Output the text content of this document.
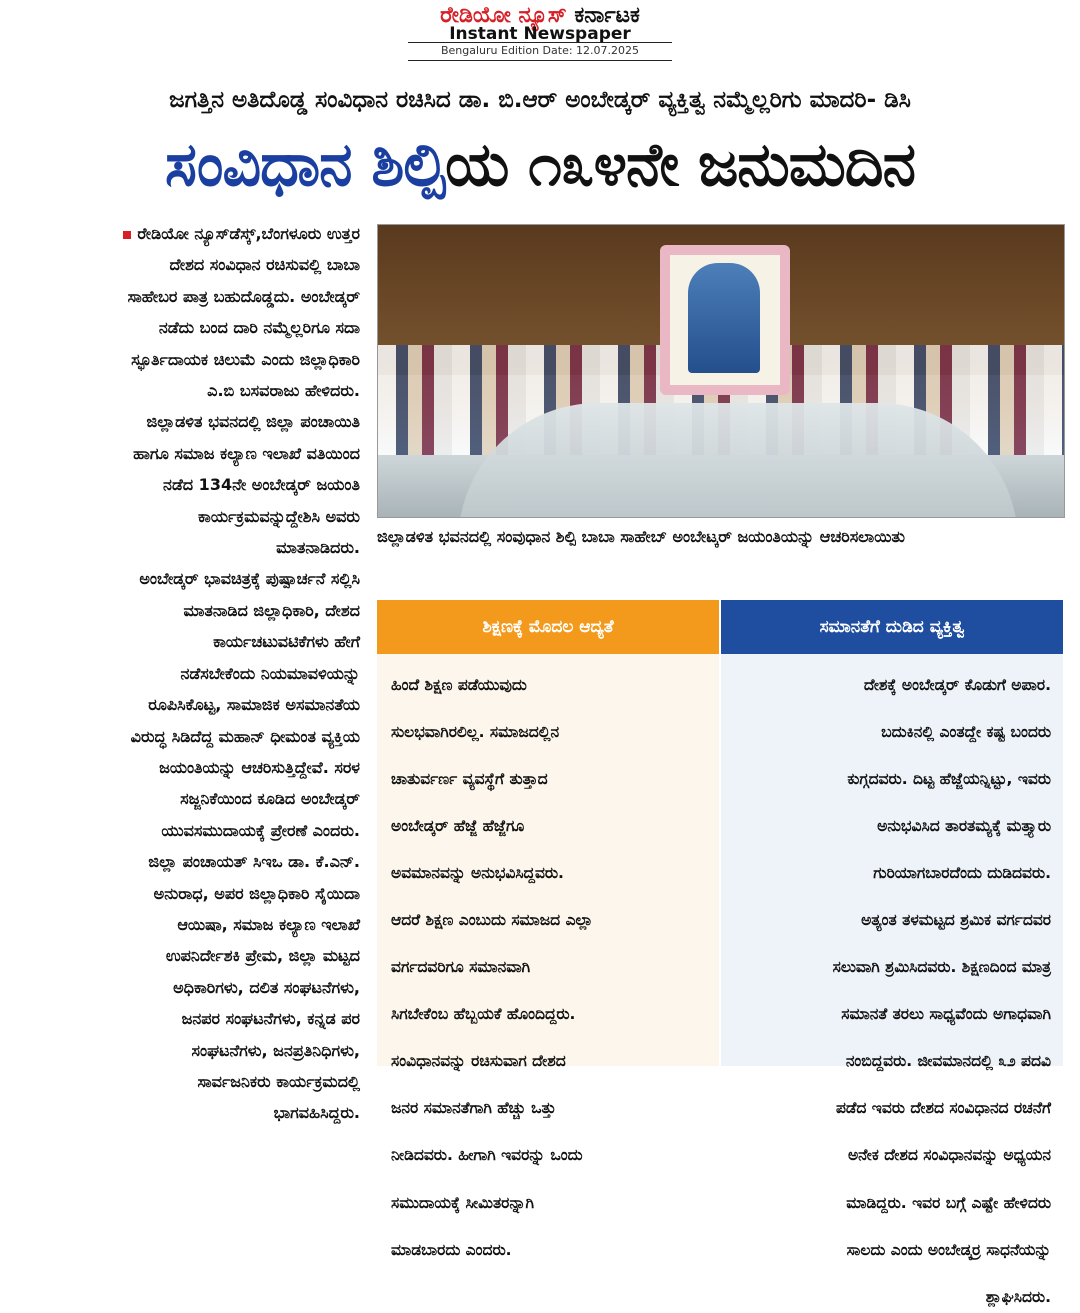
ರೇಡಿಯೋ ನ್ಯೂಸ್ ಕರ್ನಾಟಕ
Instant Newspaper
Bengaluru Edition Date: 12.07.2025
ಜಗತ್ತಿನ ಅತಿದೊಡ್ಡ ಸಂವಿಧಾನ ರಚಿಸಿದ ಡಾ. ಬಿ.ಆರ್ ಅಂಬೇಡ್ಕರ್ ವ್ಯಕ್ತಿತ್ವ ನಮ್ಮೆಲ್ಲರಿಗು ಮಾದರಿ- ಡಿಸಿ
ಸಂವಿಧಾನ ಶಿಲ್ಪಿಯ ೧೩೪ನೇ ಜನುಮದಿನ

ರೇಡಿಯೋ ನ್ಯೂಸ್‌ಡೆಸ್ಕ್,ಬೆಂಗಳೂರು ಉತ್ತರ

ದೇಶದ ಸಂವಿಧಾನ ರಚಿಸುವಲ್ಲಿ ಬಾಬಾ

ಸಾಹೇಬರ ಪಾತ್ರ ಬಹುದೊಡ್ಡದು. ಅಂಬೇಡ್ಕರ್

ನಡೆದು ಬಂದ ದಾರಿ ನಮ್ಮೆಲ್ಲರಿಗೂ ಸದಾ

ಸ್ಫೂರ್ತಿದಾಯಕ ಚಿಲುಮೆ ಎಂದು ಜಿಲ್ಲಾಧಿಕಾರಿ

ಎ.ಬಿ ಬಸವರಾಜು ಹೇಳಿದರು.

ಜಿಲ್ಲಾಡಳಿತ ಭವನದಲ್ಲಿ ಜಿಲ್ಲಾ ಪಂಚಾಯಿತಿ

ಹಾಗೂ ಸಮಾಜ ಕಲ್ಯಾಣ ಇಲಾಖೆ ವತಿಯಿಂದ

ನಡೆದ 134ನೇ ಅಂಬೇಡ್ಕರ್ ಜಯಂತಿ

ಕಾರ್ಯಕ್ರಮವನ್ನುದ್ದೇಶಿಸಿ ಅವರು

ಮಾತನಾಡಿದರು.

ಅಂಬೇಡ್ಕರ್ ಭಾವಚಿತ್ರಕ್ಕೆ ಪುಷ್ಪಾರ್ಚನೆ ಸಲ್ಲಿಸಿ

ಮಾತನಾಡಿದ ಜಿಲ್ಲಾಧಿಕಾರಿ, ದೇಶದ

ಕಾರ್ಯಚಟುವಟಿಕೆಗಳು ಹೇಗೆ

ನಡೆಸಬೇಕೆಂದು ನಿಯಮಾವಳಿಯನ್ನು

ರೂಪಿಸಿಕೊಟ್ಟ, ಸಾಮಾಜಿಕ ಅಸಮಾನತೆಯ

ವಿರುದ್ಧ ಸಿಡಿದೆದ್ದ ಮಹಾನ್ ಧೀಮಂತ ವ್ಯಕ್ತಿಯ

ಜಯಂತಿಯನ್ನು ಆಚರಿಸುತ್ತಿದ್ದೇವೆ. ಸರಳ

ಸಜ್ಜನಿಕೆಯಿಂದ ಕೂಡಿದ ಅಂಬೇಡ್ಕರ್

ಯುವಸಮುದಾಯಕ್ಕೆ ಪ್ರೇರಣೆ ಎಂದರು.

ಜಿಲ್ಲಾ ಪಂಚಾಯತ್ ಸಿಇಒ ಡಾ. ಕೆ.ಎನ್.

ಅನುರಾಧ, ಅಪರ ಜಿಲ್ಲಾಧಿಕಾರಿ ಸೈಯಿದಾ

ಆಯಿಷಾ, ಸಮಾಜ ಕಲ್ಯಾಣ ಇಲಾಖೆ

ಉಪನಿರ್ದೇಶಕಿ ಪ್ರೇಮ, ಜಿಲ್ಲಾ ಮಟ್ಟದ

ಅಧಿಕಾರಿಗಳು, ದಲಿತ ಸಂಘಟನೆಗಳು,

ಜನಪರ ಸಂಘಟನೆಗಳು, ಕನ್ನಡ ಪರ

ಸಂಘಟನೆಗಳು, ಜನಪ್ರತಿನಿಧಿಗಳು,

ಸಾರ್ವಜನಿಕರು ಕಾರ್ಯಕ್ರಮದಲ್ಲಿ

ಭಾಗವಹಿಸಿದ್ದರು.

ಜಿಲ್ಲಾಡಳಿತ ಭವನದಲ್ಲಿ ಸಂವುಧಾನ ಶಿಲ್ಪಿ ಬಾಬಾ ಸಾಹೇಬ್ ಅಂಬೇಟ್ಕರ್ ಜಯಂತಿಯನ್ನು ಆಚರಿಸಲಾಯಿತು
ಶಿಕ್ಷಣಕ್ಕೆ ಮೊದಲ ಆದ್ಯತೆ

ಹಿಂದೆ ಶಿಕ್ಷಣ ಪಡೆಯುವುದು

ಸುಲಭವಾಗಿರಲಿಲ್ಲ. ಸಮಾಜದಲ್ಲಿನ

ಚಾತುರ್ವರ್ಣ ವ್ಯವಸ್ಥೆಗೆ ತುತ್ತಾದ

ಅಂಬೇಡ್ಕರ್ ಹೆಜ್ಜೆ ಹೆಜ್ಜೆಗೂ

ಅವಮಾನವನ್ನು ಅನುಭವಿಸಿದ್ದವರು.

ಆದರೆ ಶಿಕ್ಷಣ ಎಂಬುದು ಸಮಾಜದ ಎಲ್ಲಾ

ವರ್ಗದವರಿಗೂ ಸಮಾನವಾಗಿ

ಸಿಗಬೇಕೆಂಬ ಹೆಬ್ಬಯಕೆ ಹೊಂದಿದ್ದರು.

ಸಂವಿಧಾನವನ್ನು ರಚಿಸುವಾಗ ದೇಶದ

ಜನರ ಸಮಾನತೆಗಾಗಿ ಹೆಚ್ಚು ಒತ್ತು

ನೀಡಿದವರು. ಹೀಗಾಗಿ ಇವರನ್ನು ಒಂದು

ಸಮುದಾಯಕ್ಕೆ ಸೀಮಿತರನ್ನಾಗಿ

ಮಾಡಬಾರದು ಎಂದರು.

ಸಮಾನತೆಗೆ ದುಡಿದ ವ್ಯಕ್ತಿತ್ವ

ದೇಶಕ್ಕೆ ಅಂಬೇಡ್ಕರ್ ಕೊಡುಗೆ ಅಪಾರ.

ಬದುಕಿನಲ್ಲಿ ಎಂತದ್ದೇ ಕಷ್ಟ ಬಂದರು

ಕುಗ್ಗದವರು. ದಿಟ್ಟ ಹೆಜ್ಜೆಯನ್ನಿಟ್ಟು, ಇವರು

ಅನುಭವಿಸಿದ ತಾರತಮ್ಯಕ್ಕೆ ಮತ್ತ್ಯಾರು

ಗುರಿಯಾಗಬಾರದೆಂದು ದುಡಿದವರು.

ಅತ್ಯಂತ ತಳಮಟ್ಟದ ಶ್ರಮಿಕ ವರ್ಗದವರ

ಸಲುವಾಗಿ ಶ್ರಮಿಸಿದವರು. ಶಿಕ್ಷಣದಿಂದ ಮಾತ್ರ

ಸಮಾನತೆ ತರಲು ಸಾಧ್ಯವೆಂದು ಅಗಾಧವಾಗಿ

ನಂಬಿದ್ದವರು. ಜೀವಮಾನದಲ್ಲಿ ೩೨ ಪದವಿ

ಪಡೆದ ಇವರು ದೇಶದ ಸಂವಿಧಾನದ ರಚನೆಗೆ

ಅನೇಕ ದೇಶದ ಸಂವಿಧಾನವನ್ನು ಅಧ್ಯಯನ

ಮಾಡಿದ್ದರು. ಇವರ ಬಗ್ಗೆ ಎಷ್ಟೇ ಹೇಳಿದರು

ಸಾಲದು ಎಂದು ಅಂಬೇಡ್ಕರ್ರ ಸಾಧನೆಯನ್ನು

ಶ್ಲಾಘಿಸಿದರು.
